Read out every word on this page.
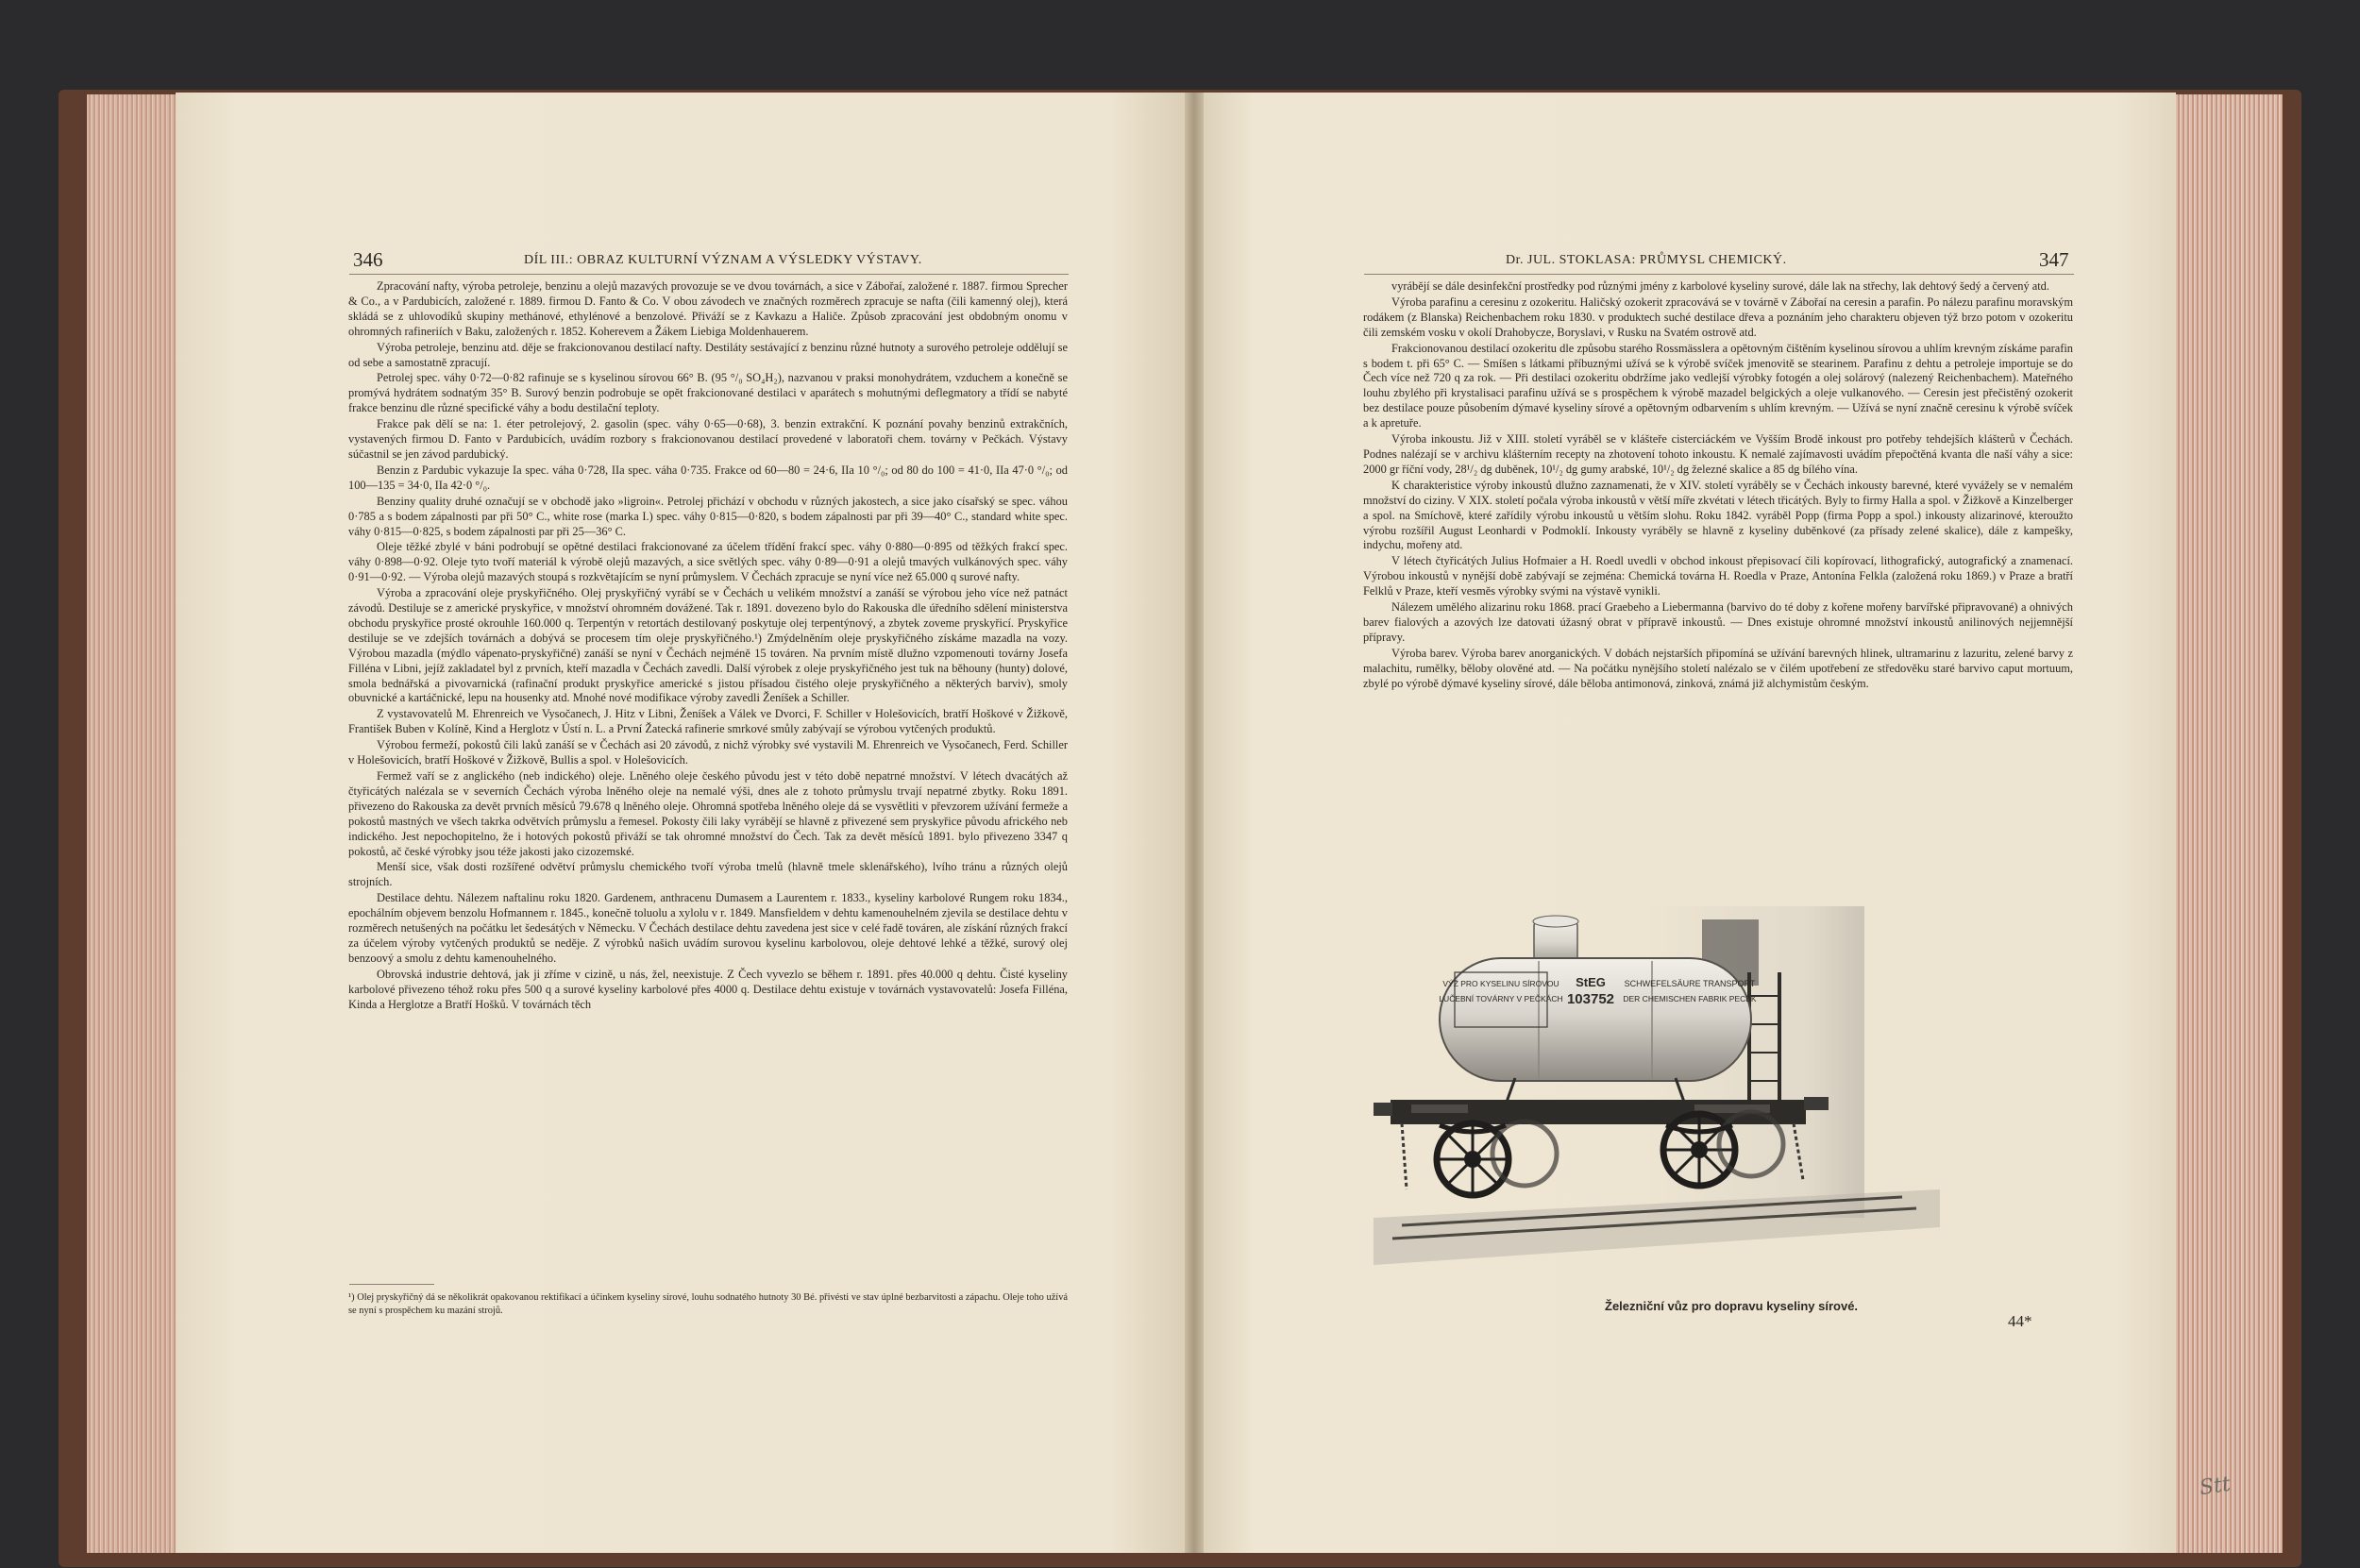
346	DÍL III.: OBRAZ KULTURNÍ VÝZNAM A VÝSLEDKY VÝSTAVY.

Zpracování nafty, výroba petroleje, benzinu a olejů mazavých provozuje se ve dvou továrnách, a sice v Zábořaí, založené r. 1887. firmou Sprecher & Co., a v Pardubicích, založené r. 1889. firmou D. Fanto & Co. V obou závodech ve značných rozměrech zpracuje se nafta (čili kamenný olej), která skládá se z uhlovodíků skupiny methánové, ethylénové a benzolové. Přiváží se z Kavkazu a Haliče. Způsob zpracování jest obdobným onomu v ohromných rafineriích v Baku, založených r. 1852. Koherevem a Žákem Liebiga Moldenhauerem.

Výroba petroleje, benzinu atd. děje se frakcionovanou destilací nafty. Destiláty sestávající z benzinu různé hutnoty a surového petroleje oddělují se od sebe a samostatně zpracují.

Petrolej spec. váhy 0·72—0·82 rafinuje se s kyselinou sírovou 66° B. (95 °/₀ SO₄H₂), nazvanou v praksi monohydrátem, vzduchem a konečně se promývá hydrátem sodnatým 35° B. Surový benzin podrobuje se opět frakcionované destilaci v aparátech s mohutnými deflegmatory a třídí se nabyté frakce benzinu dle různé specifické váhy a bodu destilační teploty.

Frakce pak dělí se na: 1. éter petrolejový, 2. gasolin (spec. váhy 0·65—0·68), 3. benzin extrakční. K poznání povahy benzinů extrakčních, vystavených firmou D. Fanto v Pardubicích, uvádím rozbory s frakcionovanou destilací provedené v laboratoři chem. továrny v Pečkách. Výstavy súčastnil se jen závod pardubický.

Benzin z Pardubic vykazuje Ia spec. váha 0·728, IIa spec. váha 0·735. Frakce od 60—80 = 24·6, IIa 10 °/₀; od 80 do 100 = 41·0, IIa 47·0 °/₀; od 100—135 = 34·0, IIa 42·0 °/₀.

Benziny quality druhé označují se v obchodě jako »ligroin«. Petrolej přichází v obchodu v různých jakostech, a sice jako císařský se spec. váhou 0·785 a s bodem zápalnosti par při 50° C., white rose (marka I.) spec. váhy 0·815—0·820, s bodem zápalnosti par při 39—40° C., standard white spec. váhy 0·815—0·825, s bodem zápalnosti par při 25—36° C.

Oleje těžké zbylé v báni podrobují se opětné destilaci frakcionované za účelem třídění frakcí spec. váhy 0·880—0·895 od těžkých frakcí spec. váhy 0·898—0·92. Oleje tyto tvoří materiál k výrobě olejů mazavých, a sice světlých spec. váhy 0·89—0·91 a olejů tmavých vulkánových spec. váhy 0·91—0·92. — Výroba olejů mazavých stoupá s rozkvětajícím se nyní průmyslem. V Čechách zpracuje se nyní více než 65.000 q surové nafty.

Výroba a zpracování oleje pryskyřičného. Olej pryskyřičný vyrábí se v Čechách u velikém množství a zanáší se výrobou jeho více než patnáct závodů. Destiluje se z americké pryskyřice, v množství ohromném dovážené. Tak r. 1891. dovezeno bylo do Rakouska dle úředního sdělení ministerstva obchodu pryskyřice prosté okrouhle 160.000 q. Terpentýn v retortách destilovaný poskytuje olej terpentýnový, a zbytek zoveme pryskyřicí. Pryskyřice destiluje se ve zdejších továrnách a dobývá se procesem tím oleje pryskyřičného.¹) Zmýdelněním oleje pryskyřičného získáme mazadla na vozy. Výrobou mazadla (mýdlo vápenato-pryskyřičné) zanáší se nyní v Čechách nejméně 15 továren. Na prvním místě dlužno vzpomenouti továrny Josefa Filléna v Libni, jejíž zakladatel byl z prvních, kteří mazadla v Čechách zavedli. Další výrobek z oleje pryskyřičného jest tuk na běhouny (hunty) dolové, smola bednářská a pivovarnická (rafinační produkt pryskyřice americké s jistou přísadou čistého oleje pryskyřičného a některých barviv), smoly obuvnické a kartáčnické, lepu na housenky atd. Mnohé nové modifikace výroby zavedli Ženíšek a Schiller.

Z vystavovatelů M. Ehrenreich ve Vysočanech, J. Hitz v Libni, Ženíšek a Válek ve Dvorci, F. Schiller v Holešovicích, bratří Hoškové v Žižkově, František Buben v Kolíně, Kind a Herglotz v Ústí n. L. a První Žatecká rafinerie smrkové smůly zabývají se výrobou vytčených produktů.

Výrobou fermeží, pokostů čili laků zanáší se v Čechách asi 20 závodů, z nichž výrobky své vystavili M. Ehrenreich ve Vysočanech, Ferd. Schiller v Holešovicích, bratří Hoškové v Žižkově, Bullis a spol. v Holešovicích.

Fermež vaří se z anglického (neb indického) oleje. Lněného oleje českého původu jest v této době nepatrné množství. V létech dvacátých až čtyřicátých nalézala se v severních Čechách výroba lněného oleje na nemalé výši, dnes ale z tohoto průmyslu trvají nepatrné zbytky. Roku 1891. přivezeno do Rakouska za devět prvních měsíců 79.678 q lněného oleje. Ohromná spotřeba lněného oleje dá se vysvětliti v převzorem užívání fermeže a pokostů mastných ve všech takrka odvětvích průmyslu a řemesel. Pokosty čili laky vyrábějí se hlavně z přivezené sem pryskyřice původu afrického neb indického. Jest nepochopitelno, že i hotových pokostů přiváží se tak ohromné množství do Čech. Tak za devět měsíců 1891. bylo přivezeno 3347 q pokostů, ač české výrobky jsou téže jakosti jako cizozemské.

Menší sice, však dosti rozšířené odvětví průmyslu chemického tvoří výroba tmelů (hlavně tmele sklenářského), lvího tránu a různých olejů strojních.

Destilace dehtu. Nálezem naftalinu roku 1820. Gardenem, anthracenu Dumasem a Laurentem r. 1833., kyseliny karbolové Rungem roku 1834., epochálním objevem benzolu Hofmannem r. 1845., konečně toluolu a xylolu v r. 1849. Mansfieldem v dehtu kamenouhelném zjevila se destilace dehtu v rozměrech netušených na počátku let šedesátých v Německu. V Čechách destilace dehtu zavedena jest sice v celé řadě továren, ale získání různých frakcí za účelem výroby vytčených produktů se neděje. Z výrobků našich uvádím surovou kyselinu karbolovou, oleje dehtové lehké a těžké, surový olej benzoový a smolu z dehtu kamenouhelného.

Obrovská industrie dehtová, jak ji zříme v cizině, u nás, žel, neexistuje. Z Čech vyvezlo se během r. 1891. přes 40.000 q dehtu. Čisté kyseliny karbolové přivezeno téhož roku přes 500 q a surové kyseliny karbolové přes 4000 q. Destilace dehtu existuje v továrnách vystavovatelů: Josefa Filléna, Kinda a Herglotze a Bratří Hošků. V továrnách těch

¹) Olej pryskyřičný dá se několikrát opakovanou rektifikací a účinkem kyseliny sírové, louhu sodnatého hutnoty 30 Bé. přivésti ve stav úplné bezbarvitosti a zápachu. Oleje toho užívá se nyní s prospěchem ku mazání strojů.
Dr. JUL. STOKLASA: PRŮMYSL CHEMICKÝ.	347

vyrábějí se dále desinfekční prostředky pod různými jmény z karbolové kyseliny surové, dále lak na střechy, lak dehtový šedý a červený atd.

Výroba parafinu a ceresinu z ozokeritu. Haličský ozokerit zpracovává se v továrně v Zábořaí na ceresin a parafin. Po nálezu parafinu moravským rodákem (z Blanska) Reichenbachem roku 1830. v produktech suché destilace dřeva a poznáním jeho charakteru objeven týž brzo potom v ozokeritu čili zemském vosku v okolí Drahobycze, Boryslavi, v Rusku na Svatém ostrově atd.

Frakcionovanou destilací ozokeritu dle způsobu starého Rossmässlera a opětovným čištěním kyselinou sírovou a uhlím krevným získáme parafin s bodem t. při 65° C. — Smíšen s látkami příbuznými užívá se k výrobě svíček jmenovitě se stearinem. Parafinu z dehtu a petroleje importuje se do Čech více než 720 q za rok. — Při destilaci ozokeritu obdržíme jako vedlejší výrobky fotogén a olej solárový (nalezený Reichenbachem). Mateřného louhu zbylého při krystalisaci parafinu užívá se s prospěchem k výrobě mazadel belgických a oleje vulkanového. — Ceresin jest přečistěný ozokerit bez destilace pouze působením dýmavé kyseliny sírové a opětovným odbarvením s uhlím krevným. — Užívá se nyní značně ceresinu k výrobě svíček a k apretuře.

Výroba inkoustu. Již v XIII. století vyráběl se v klášteře cisterciáckém ve Vyšším Brodě inkoust pro potřeby tehdejších klášterů v Čechách. Podnes nalézají se v archivu klášterním recepty na zhotovení tohoto inkoustu. K nemalé zajímavosti uvádím přepočtěná kvanta dle naší váhy a sice: 2000 gr říční vody, 28¹/₂ dg duběnek, 10¹/₂ dg gumy arabské, 10¹/₂ dg železné skalice a 85 dg bílého vína.

K charakteristice výroby inkoustů dlužno zaznamenati, že v XIV. století vyráběly se v Čechách inkousty barevné, které vyvážely se v nemalém množství do ciziny. V XIX. století počala výroba inkoustů v větší míře zkvétati v létech třicátých. Byly to firmy Halla a spol. v Žižkově a Kinzelberger a spol. na Smíchově, které zařídily výrobu inkoustů u větším slohu. Roku 1842. vyráběl Popp (firma Popp a spol.) inkousty alizarinové, kteroužto výrobu rozšířil August Leonhardi v Podmoklí. Inkousty vyráběly se hlavně z kyseliny duběnkové (za přísady zelené skalice), dále z kampešky, indychu, mořeny atd.

V létech čtyřicátých Julius Hofmaier a H. Roedl uvedli v obchod inkoust přepisovací čili kopírovací, lithografický, autografický a znamenací. Výrobou inkoustů v nynější době zabývají se zejména: Chemická továrna H. Roedla v Praze, Antonína Felkla (založená roku 1869.) v Praze a bratří Felklů v Praze, kteří vesměs výrobky svými na výstavě vynikli.

Nálezem umělého alizarinu roku 1868. prací Graebeho a Liebermanna (barvivo do té doby z kořene mořeny barvířské připravované) a ohnivých barev fialových a azových lze datovati úžasný obrat v přípravě inkoustů. — Dnes existuje ohromné množství inkoustů anilinových nejjemnější přípravy.

Výroba barev. Výroba barev anorganických. V dobách nejstarších připomíná se užívání barevných hlinek, ultramarinu z lazuritu, zelené barvy z malachitu, rumělky, běloby olověné atd. — Na počátku nynějšího století nalézalo se v čilém upotřebení ze středověku staré barvivo caput mortuum, zbylé po výrobě dýmavé kyseliny sírové, dále běloba antimonová, zinková, známá již alchymistům českým.

VÝŽ PRO KYSELINU SÍROVOU
LUČEBNÍ TOVÁRNY V PEČKÁCH
StEG
103752
SCHWEFELSÄURE TRANSPORT
DER CHEMISCHEN FABRIK PECEK
Železniční vůz pro dopravu kyseliny sírové.
44*
Stt
